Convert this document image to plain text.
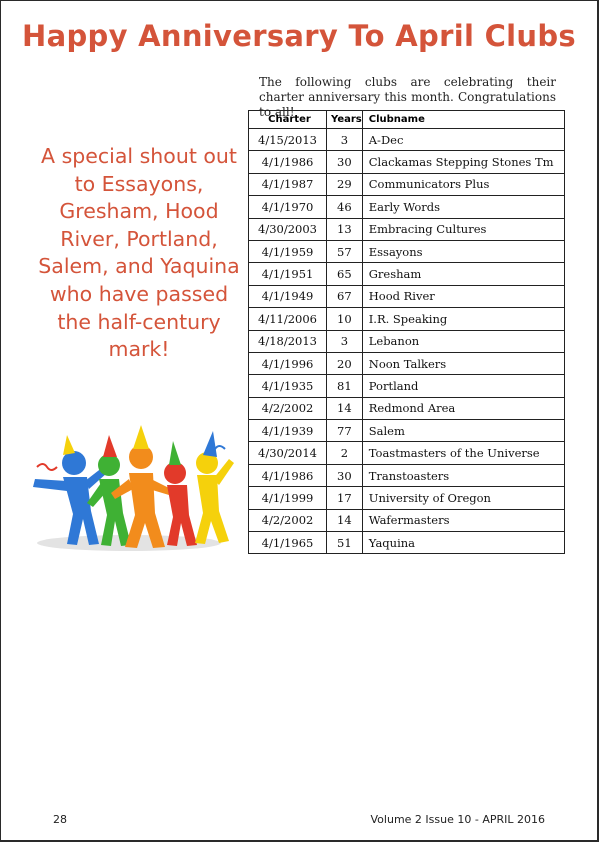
Happy Anniversary To April Clubs
The following clubs are celebrating their charter anniversary this month. Congratulations to all!
A special shout out to Essayons, Gresham, Hood River, Portland, Salem, and Yaquina who have passed the half-century mark!
Charter	Years	Clubname
4/15/2013	3	A-Dec
4/1/1986	30	Clackamas Stepping Stones Tm
4/1/1987	29	Communicators Plus
4/1/1970	46	Early Words
4/30/2003	13	Embracing Cultures
4/1/1959	57	Essayons
4/1/1951	65	Gresham
4/1/1949	67	Hood River
4/11/2006	10	I.R. Speaking
4/18/2013	3	Lebanon
4/1/1996	20	Noon Talkers
4/1/1935	81	Portland
4/2/2002	14	Redmond Area
4/1/1939	77	Salem
4/30/2014	2	Toastmasters of the Universe
4/1/1986	30	Transtoasters
4/1/1999	17	University of Oregon
4/2/2002	14	Wafermasters
4/1/1965	51	Yaquina
28	Volume 2 Issue 10 - APRIL 2016
